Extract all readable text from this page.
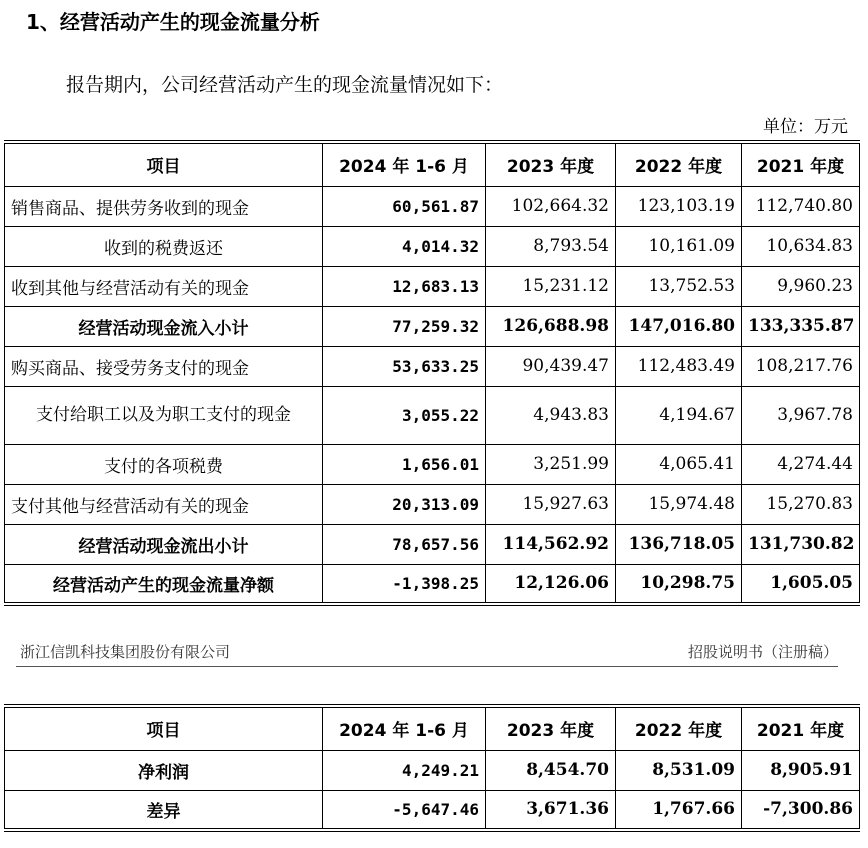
1、经营活动产生的现金流量分析
报告期内，公司经营活动产生的现金流量情况如下：
单位：万元
项目	2024 年 1-6 月	2023 年度	2022 年度	2021 年度
销售商品、提供劳务收到的现金	60,561.87	102,664.32	123,103.19	112,740.80
收到的税费返还	4,014.32	8,793.54	10,161.09	10,634.83
收到其他与经营活动有关的现金	12,683.13	15,231.12	13,752.53	9,960.23
经营活动现金流入小计	77,259.32	126,688.98	147,016.80	133,335.87
购买商品、接受劳务支付的现金	53,633.25	90,439.47	112,483.49	108,217.76
支付给职工以及为职工支付的现金	3,055.22	4,943.83	4,194.67	3,967.78
支付的各项税费	1,656.01	3,251.99	4,065.41	4,274.44
支付其他与经营活动有关的现金	20,313.09	15,927.63	15,974.48	15,270.83
经营活动现金流出小计	78,657.56	114,562.92	136,718.05	131,730.82
经营活动产生的现金流量净额	-1,398.25	12,126.06	10,298.75	1,605.05
浙江信凯科技集团股份有限公司	招股说明书（注册稿）
项目	2024 年 1-6 月	2023 年度	2022 年度	2021 年度
净利润	4,249.21	8,454.70	8,531.09	8,905.91
差异	-5,647.46	3,671.36	1,767.66	-7,300.86
